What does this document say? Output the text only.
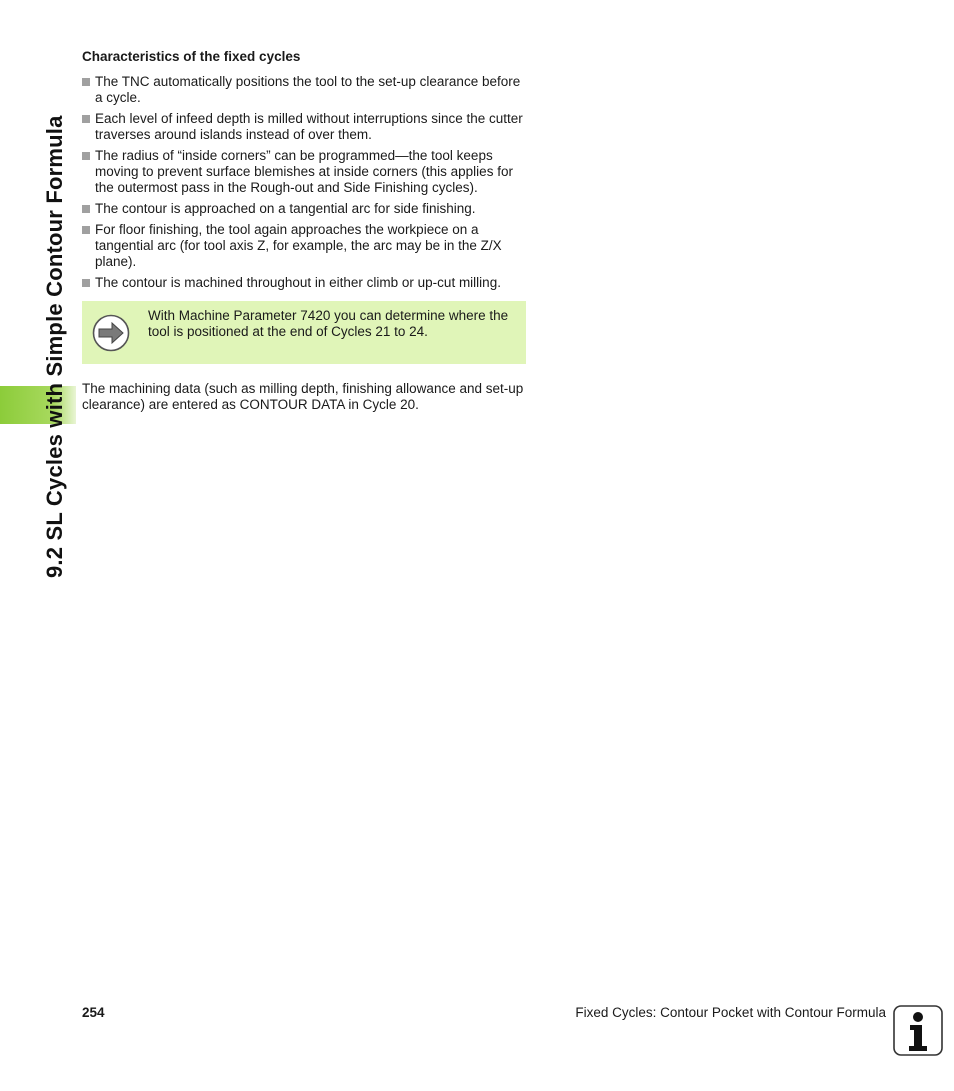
9.2 SL Cycles with Simple Contour Formula
Characteristics of the fixed cycles
The TNC automatically positions the tool to the set-up clearance before a cycle.
Each level of infeed depth is milled without interruptions since the cutter traverses around islands instead of over them.
The radius of “inside corners” can be programmed—the tool keeps moving to prevent surface blemishes at inside corners (this applies for the outermost pass in the Rough-out and Side Finishing cycles).
The contour is approached on a tangential arc for side finishing.
For floor finishing, the tool again approaches the workpiece on a tangential arc (for tool axis Z, for example, the arc may be in the Z/X plane).
The contour is machined throughout in either climb or up-cut milling.
With Machine Parameter 7420 you can determine where the tool is positioned at the end of Cycles 21 to 24.
The machining data (such as milling depth, finishing allowance and set-up clearance) are entered as CONTOUR DATA in Cycle 20.
254	Fixed Cycles: Contour Pocket with Contour Formula
